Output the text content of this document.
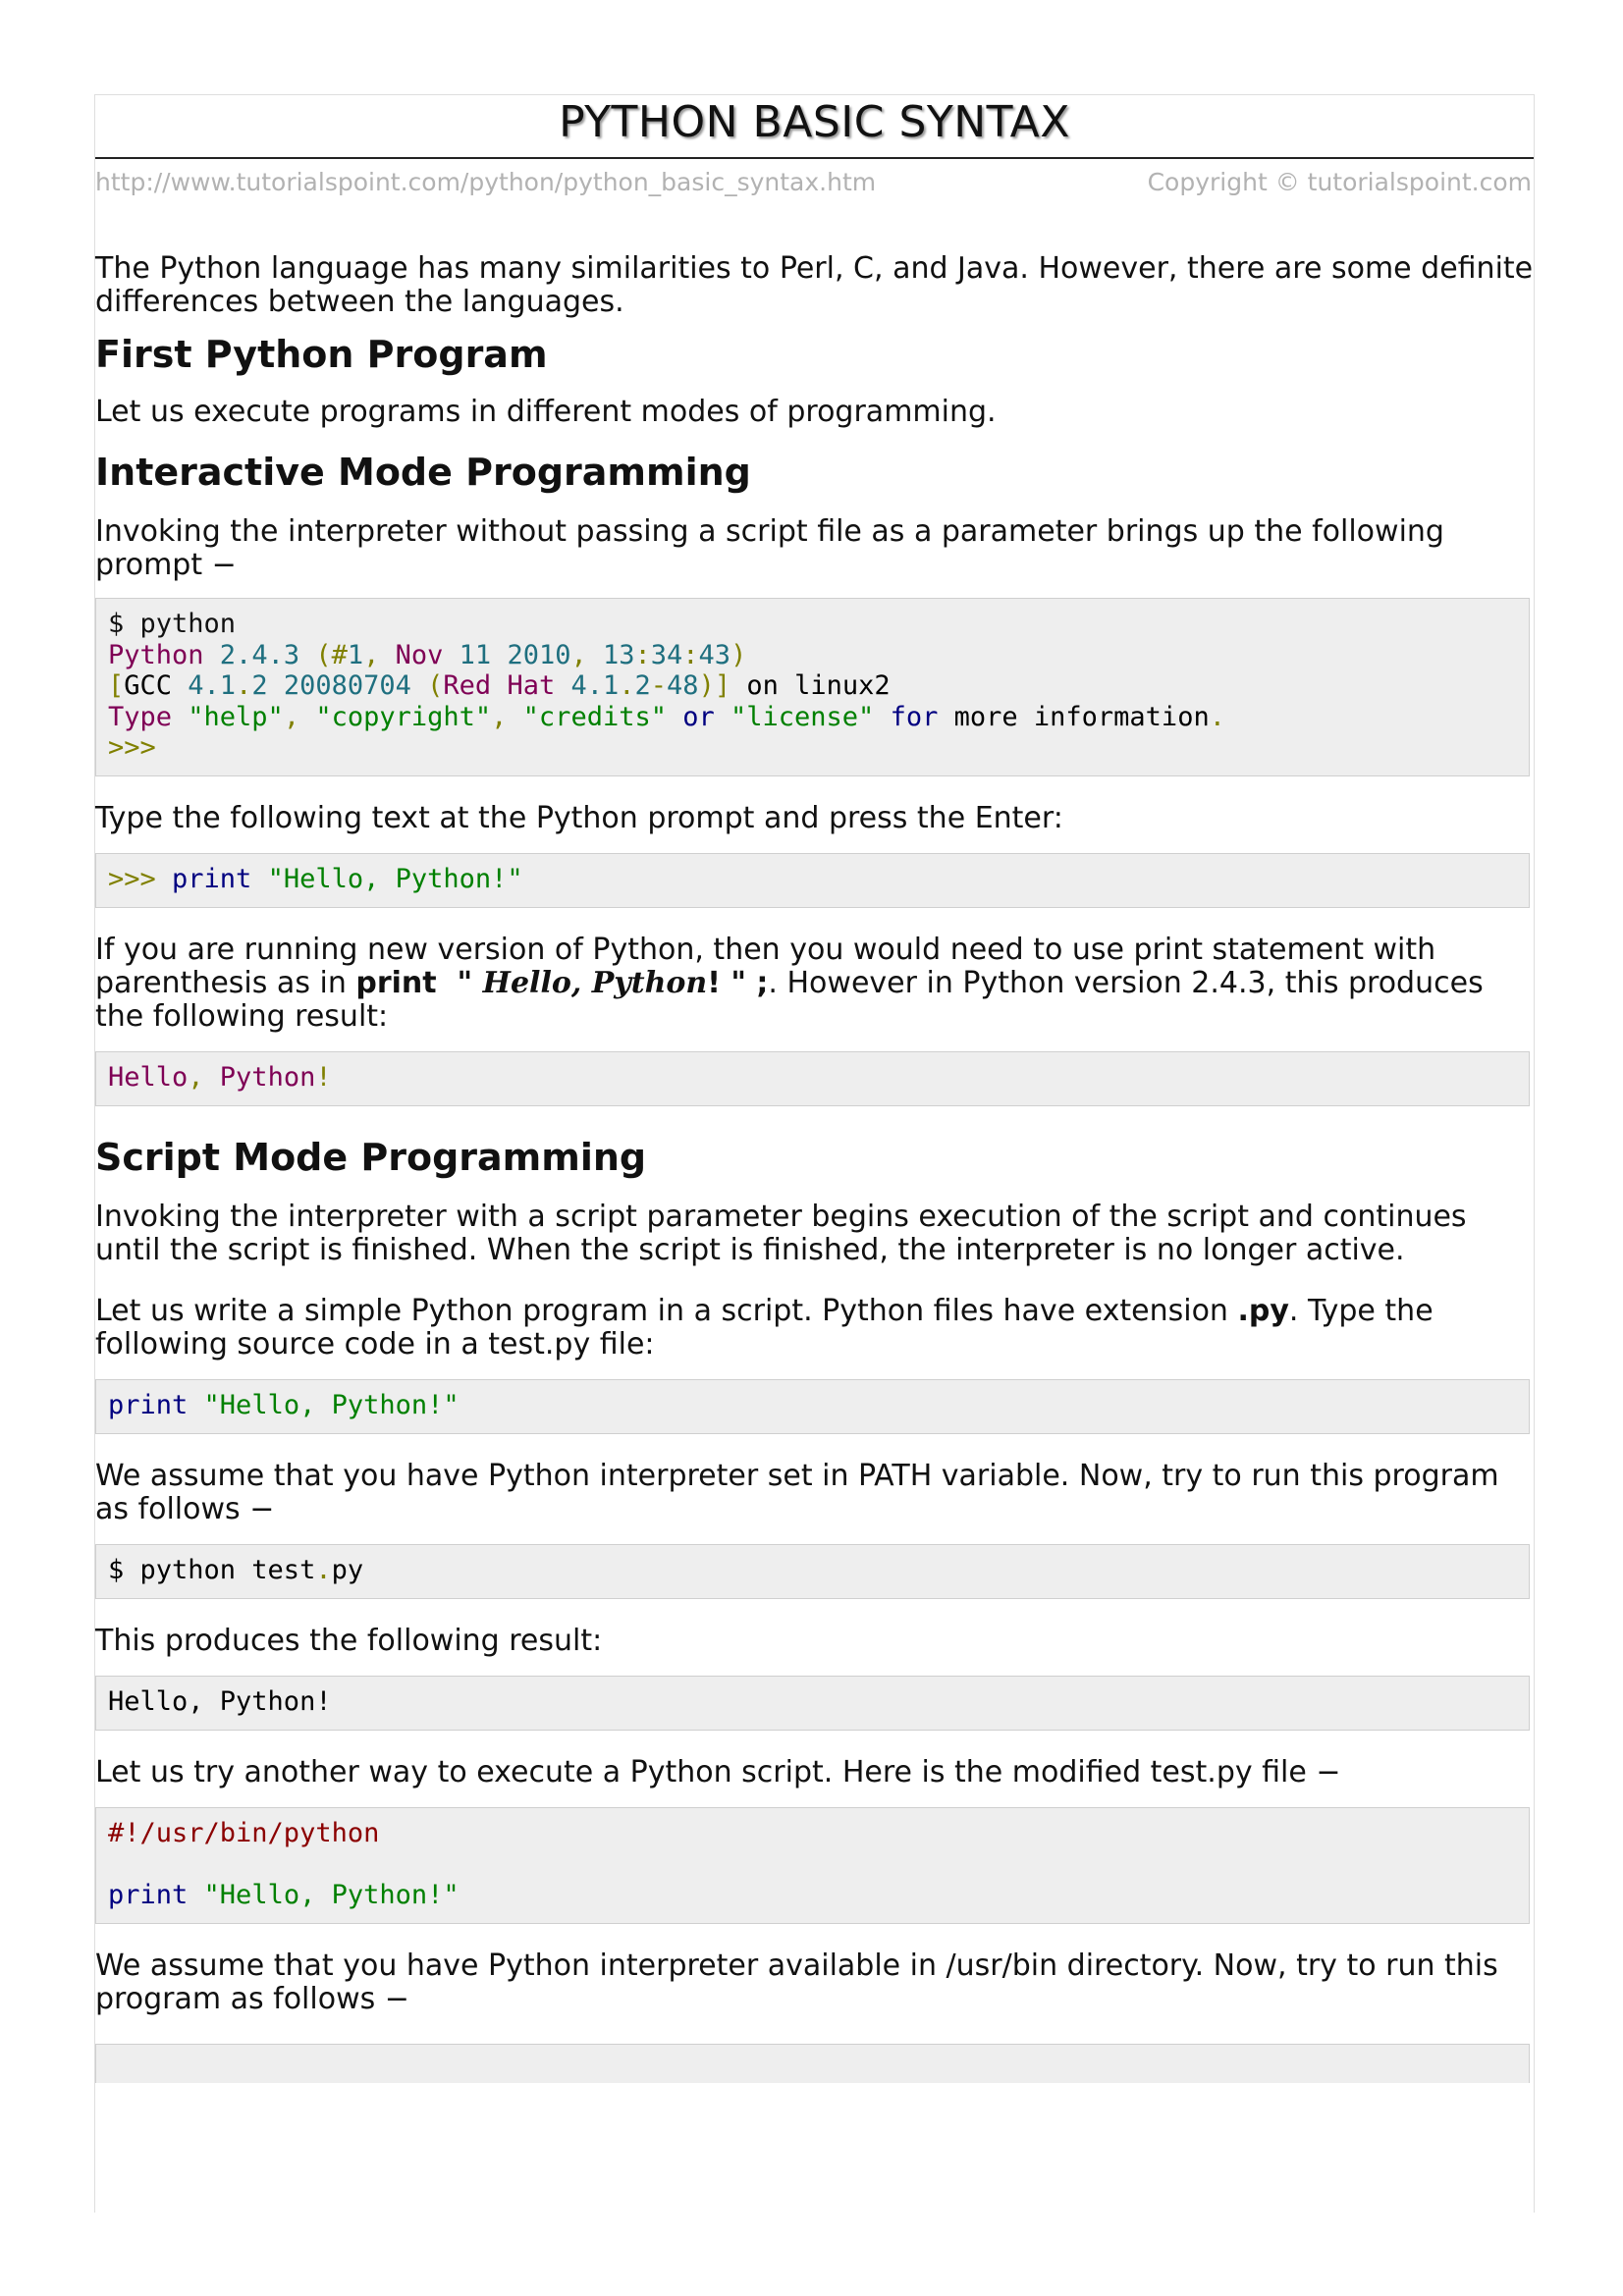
PYTHON BASIC SYNTAX
http://www.tutorialspoint.com/python/python_basic_syntax.htm	Copyright © tutorialspoint.com

The Python language has many similarities to Perl, C, and Java. However, there are some definite differences between the languages.

First Python Program

Let us execute programs in different modes of programming.

Interactive Mode Programming

Invoking the interpreter without passing a script file as a parameter brings up the following prompt −

$ python
Python 2.4.3 (#1, Nov 11 2010, 13:34:43)
[GCC 4.1.2 20080704 (Red Hat 4.1.2-48)] on linux2
Type "help", "copyright", "credits" or "license" for more information.
>>>

Type the following text at the Python prompt and press the Enter:

>>> print "Hello, Python!"

If you are running new version of Python, then you would need to use print statement with parenthesis as in print  " Hello, Python! " ;. However in Python version 2.4.3, this produces the following result:

Hello, Python!
Script Mode Programming

Invoking the interpreter with a script parameter begins execution of the script and continues until the script is finished. When the script is finished, the interpreter is no longer active.

Let us write a simple Python program in a script. Python files have extension .py. Type the following source code in a test.py file:

print "Hello, Python!"

We assume that you have Python interpreter set in PATH variable. Now, try to run this program as follows −

$ python test.py

This produces the following result:

Hello, Python!

Let us try another way to execute a Python script. Here is the modified test.py file −

#!/usr/bin/python

print "Hello, Python!"

We assume that you have Python interpreter available in /usr/bin directory. Now, try to run this program as follows −
